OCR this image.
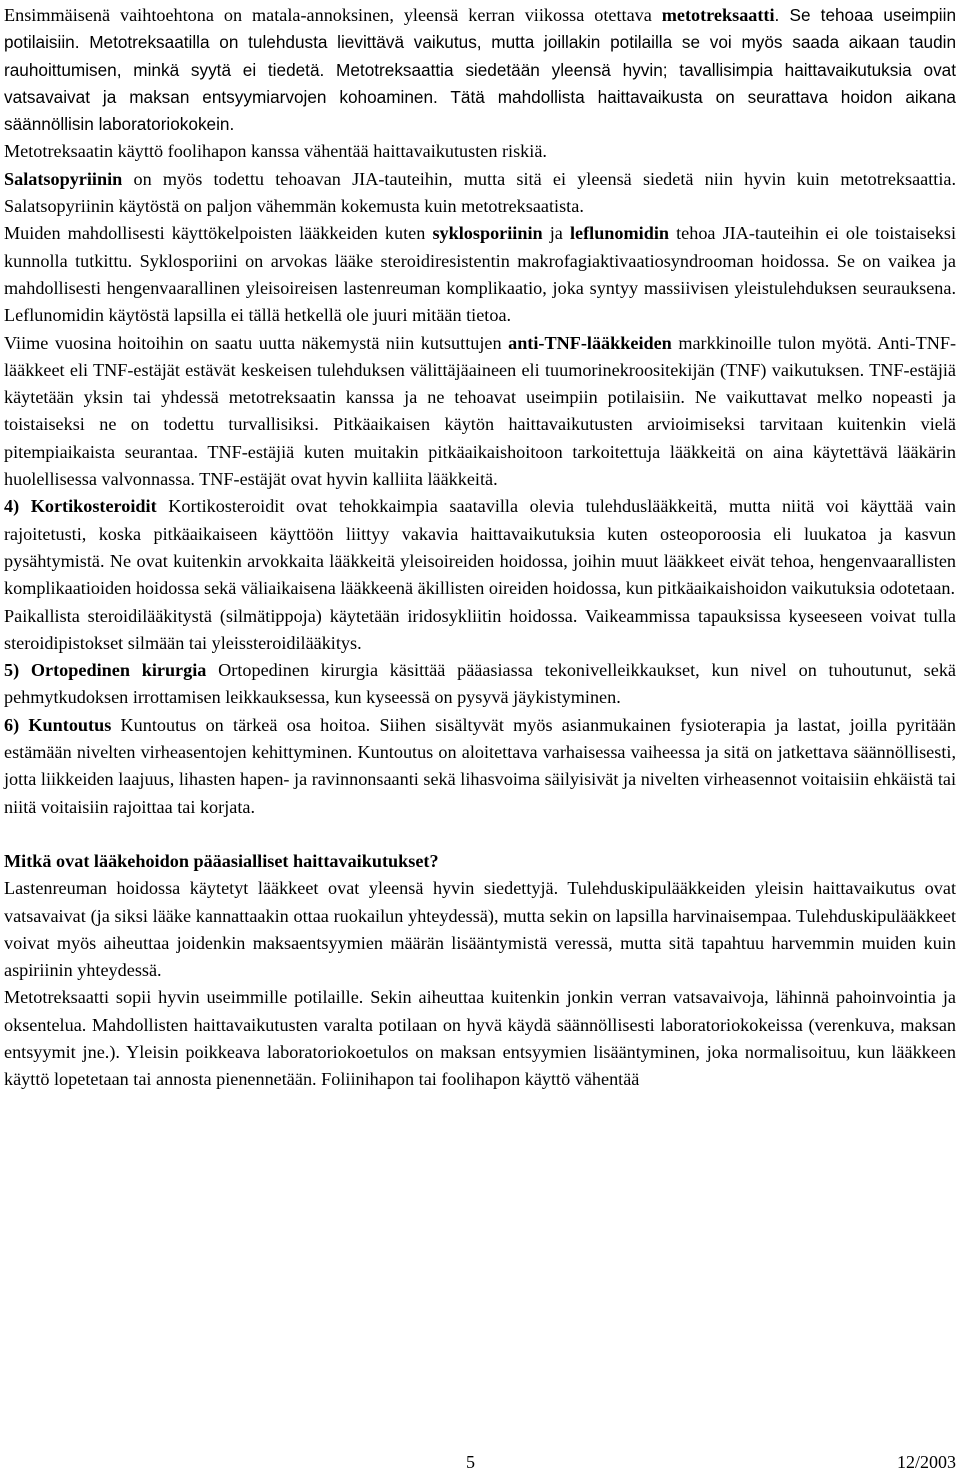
Ensimmäisenä vaihtoehtona on matala-annoksinen, yleensä kerran viikossa otettava metotreksaatti. Se tehoaa useimpiin potilaisiin. Metotreksaatilla on tulehdusta lievittävä vaikutus, mutta joillakin potilailla se voi myös saada aikaan taudin rauhoittumisen, minkä syytä ei tiedetä. Metotreksaattia siedetään yleensä hyvin; tavallisimpia haittavaikutuksia ovat vatsavaivat ja maksan entsyymiarvojen kohoaminen. Tätä mahdollista haittavaikusta on seurattava hoidon aikana säännöllisin laboratoriokokein.

Metotreksaatin käyttö foolihapon kanssa vähentää haittavaikutusten riskiä.

Salatsopyriinin on myös todettu tehoavan JIA-tauteihin, mutta sitä ei yleensä siedetä niin hyvin kuin metotreksaattia. Salatsopyriinin käytöstä on paljon vähemmän kokemusta kuin metotreksaatista.

Muiden mahdollisesti käyttökelpoisten lääkkeiden kuten syklosporiinin ja leflunomidin tehoa JIA-tauteihin ei ole toistaiseksi kunnolla tutkittu. Syklosporiini on arvokas lääke steroidiresistentin makrofagiaktivaatiosyndrooman hoidossa. Se on vaikea ja mahdollisesti hengenvaarallinen yleisoireisen lastenreuman komplikaatio, joka syntyy massiivisen yleistulehduksen seurauksena. Leflunomidin käytöstä lapsilla ei tällä hetkellä ole juuri mitään tietoa.

Viime vuosina hoitoihin on saatu uutta näkemystä niin kutsuttujen anti-TNF-lääkkeiden markkinoille tulon myötä. Anti-TNF-lääkkeet eli TNF-estäjät estävät keskeisen tulehduksen välittäjäaineen eli tuumorinekroositekijän (TNF) vaikutuksen. TNF-estäjiä käytetään yksin tai yhdessä metotreksaatin kanssa ja ne tehoavat useimpiin potilaisiin. Ne vaikuttavat melko nopeasti ja toistaiseksi ne on todettu turvallisiksi. Pitkäaikaisen käytön haittavaikutusten arvioimiseksi tarvitaan kuitenkin vielä pitempiaikaista seurantaa. TNF-estäjiä kuten muitakin pitkäaikaishoitoon tarkoitettuja lääkkeitä on aina käytettävä lääkärin huolellisessa valvonnassa. TNF-estäjät ovat hyvin kalliita lääkkeitä.

4) Kortikosteroidit Kortikosteroidit ovat tehokkaimpia saatavilla olevia tulehduslääkkeitä, mutta niitä voi käyttää vain rajoitetusti, koska pitkäaikaiseen käyttöön liittyy vakavia haittavaikutuksia kuten osteoporoosia eli luukatoa ja kasvun pysähtymistä. Ne ovat kuitenkin arvokkaita lääkkeitä yleisoireiden hoidossa, joihin muut lääkkeet eivät tehoa, hengenvaarallisten komplikaatioiden hoidossa sekä väliaikaisena lääkkeenä äkillisten oireiden hoidossa, kun pitkäaikaishoidon vaikutuksia odotetaan.

Paikallista steroidilääkitystä (silmätippoja) käytetään iridosykliitin hoidossa. Vaikeammissa tapauksissa kyseeseen voivat tulla steroidipistokset silmään tai yleissteroidilääkitys.

5) Ortopedinen kirurgia Ortopedinen kirurgia käsittää pääasiassa tekonivelleikkaukset, kun nivel on tuhoutunut, sekä pehmytkudoksen irrottamisen leikkauksessa, kun kyseessä on pysyvä jäykistyminen.

6) Kuntoutus Kuntoutus on tärkeä osa hoitoa. Siihen sisältyvät myös asianmukainen fysioterapia ja lastat, joilla pyritään estämään nivelten virheasentojen kehittyminen. Kuntoutus on aloitettava varhaisessa vaiheessa ja sitä on jatkettava säännöllisesti, jotta liikkeiden laajuus, lihasten hapen- ja ravinnonsaanti sekä lihasvoima säilyisivät ja nivelten virheasennot voitaisiin ehkäistä tai niitä voitaisiin rajoittaa tai korjata.

Mitkä ovat lääkehoidon pääasialliset haittavaikutukset?

Lastenreuman hoidossa käytetyt lääkkeet ovat yleensä hyvin siedettyjä. Tulehduskipulääkkeiden yleisin haittavaikutus ovat vatsavaivat (ja siksi lääke kannattaakin ottaa ruokailun yhteydessä), mutta sekin on lapsilla harvinaisempaa. Tulehduskipulääkkeet voivat myös aiheuttaa joidenkin maksaentsyymien määrän lisääntymistä veressä, mutta sitä tapahtuu harvemmin muiden kuin aspiriinin yhteydessä.

Metotreksaatti sopii hyvin useimmille potilaille. Sekin aiheuttaa kuitenkin jonkin verran vatsavaivoja, lähinnä pahoinvointia ja oksentelua. Mahdollisten haittavaikutusten varalta potilaan on hyvä käydä säännöllisesti laboratoriokokeissa (verenkuva, maksan entsyymit jne.). Yleisin poikkeava laboratoriokoetulos on maksan entsyymien lisääntyminen, joka normalisoituu, kun lääkkeen käyttö lopetetaan tai annosta pienennetään. Foliinihapon tai foolihapon käyttö vähentää

5	12/2003
